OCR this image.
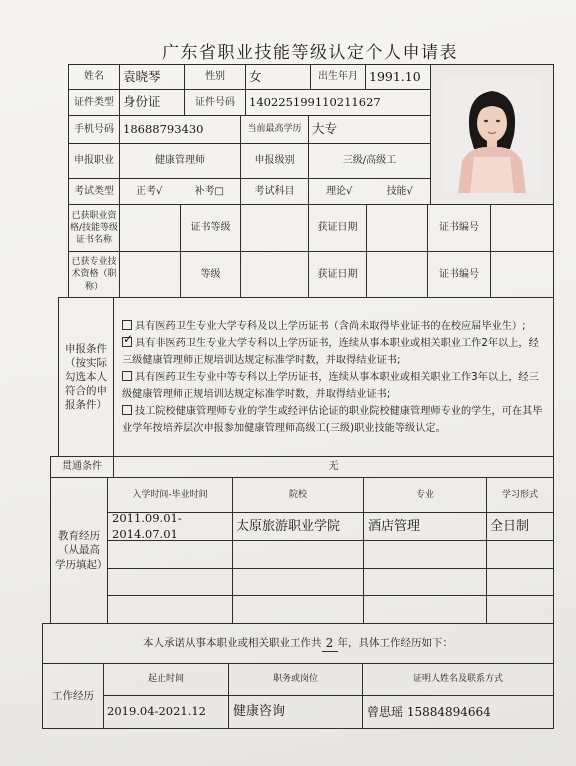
广东省职业技能等级认定个人申请表
姓名	袁晓琴	性别	女	出生年月 1991.10
证件类型 身份证	证件号码	140225199110211627
手机号码 18688793430	当前最高学历 大专
申报职业	健康管理师	申报级别	三级/高级工
考试类型	正考√	补考□	考试科目	理论√	技能√
已获职业资格/技能等级证书名称
证书等级	获证日期	证书编号
已获专业技术资格（职称）
等级	获证日期	证书编号
申报条件（按实际勾选本人符合的申报条件）
具有医药卫生专业大学专科及以上学历证书（含尚未取得毕业证书的在校应届毕业生）;
✓ 具有非医药卫生专业大学专科以上学历证书，连续从事本职业或相关职业工作2年以上，经三级健康管理师正规培训达规定标准学时数，并取得结业证书;
具有医药卫生专业中等专科以上学历证书，连续从事本职业或相关职业工作3年以上，经三级健康管理师正规培训达规定标准学时数，并取得结业证书;
技工院校健康管理师专业的学生或经评估论证的职业院校健康管理师专业的学生，可在其毕业学年按培养层次申报参加健康管理师高级工(三级)职业技能等级认定。
贯通条件	无
教育经历（从最高学历填起）
入学时间-毕业时间	院校	专业	学习形式
2011.09.01-2014.07.01	太原旅游职业学院	酒店管理	全日制
本人承诺从事本职业或相关职业工作共 2 年，具体工作经历如下：
工作经历
起止时间	职务或岗位	证明人姓名及联系方式
2019.04-2021.12	健康咨询	曾思瑶 15884894664
